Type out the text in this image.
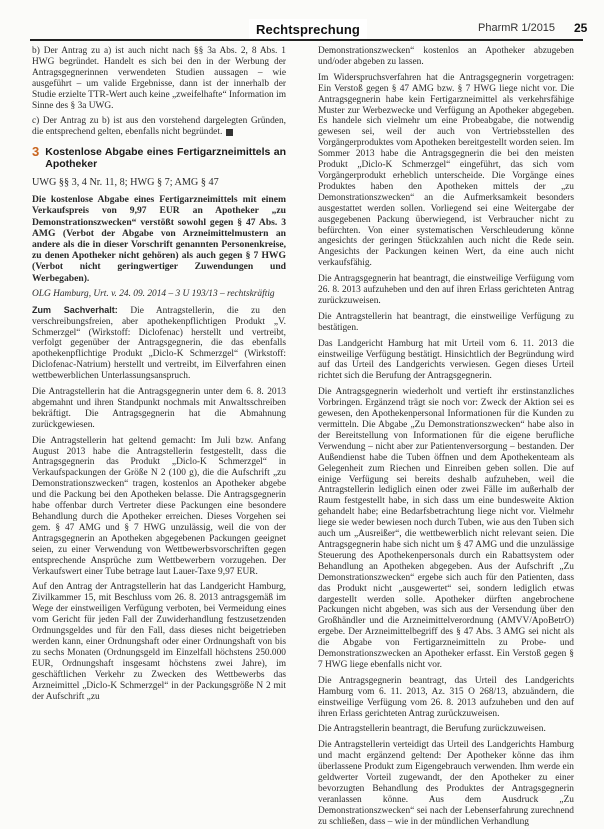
Rechtsprechung	PharmR 1/2015 25

b) Der Antrag zu a) ist auch nicht nach §§ 3a Abs. 2, 8 Abs. 1 HWG begründet. Handelt es sich bei den in der Werbung der Antragsgegnerinnen verwendeten Studien aussagen – wie ausgeführt – um valide Ergebnisse, dann ist der innerhalb der Studie erzielte TTR-Wert auch keine „zweifelhafte“ Information im Sinne des § 3a UWG.

c) Der Antrag zu b) ist aus den vorstehend dargelegten Gründen, die entsprechend gelten, ebenfalls nicht begründet.

3 Kostenlose Abgabe eines Fertigarzneimittels an Apotheker

UWG §§ 3, 4 Nr. 11, 8; HWG § 7; AMG § 47

Die kostenlose Abgabe eines Fertigarzneimittels mit einem Verkaufspreis von 9,97 EUR an Apotheker „zu Demonstrationszwecken“ verstößt sowohl gegen § 47 Abs. 3 AMG (Verbot der Abgabe von Arzneimittelmustern an andere als die in dieser Vorschrift genannten Personenkreise, zu denen Apotheker nicht gehören) als auch gegen § 7 HWG (Verbot nicht geringwertiger Zuwendungen und Werbegaben).

OLG Hamburg, Urt. v. 24. 09. 2014 – 3 U 193/13 – rechtskräftig

Zum Sachverhalt: Die Antragstellerin, die zu den verschreibungsfreien, aber apothekenpflichtigen Produkt „V. Schmerzgel“ (Wirkstoff: Diclofenac) herstellt und vertreibt, verfolgt gegenüber der Antragsgegnerin, die das ebenfalls apothekenpflichtige Produkt „Diclo-K Schmerzgel“ (Wirkstoff: Diclofenac-Natrium) herstellt und vertreibt, im Eilverfahren einen wettbewerblichen Unterlassungsanspruch.

Die Antragstellerin hat die Antragsgegnerin unter dem 6. 8. 2013 abgemahnt und ihren Standpunkt nochmals mit Anwaltsschreiben bekräftigt. Die Antragsgegnerin hat die Abmahnung zurückgewiesen.

Die Antragstellerin hat geltend gemacht: Im Juli bzw. Anfang August 2013 habe die Antragstellerin festgestellt, dass die Antragsgegnerin das Produkt „Diclo-K Schmerzgel“ in Verkaufspackungen der Größe N 2 (100 g), die die Aufschrift „zu Demonstrationszwecken“ tragen, kostenlos an Apotheker abgebe und die Packung bei den Apotheken belasse. Die Antragsgegnerin habe offenbar durch Vertreter diese Packungen eine besondere Behandlung durch die Apotheker erreichen. Dieses Vorgehen sei gem. § 47 AMG und § 7 HWG unzulässig, weil die von der Antragsgegnerin an Apotheken abgegebenen Packungen geeignet seien, zu einer Verwendung von Wettbewerbsvorschriften gegen entsprechende Ansprüche zum Wettbewerbern vorzugehen. Der Verkaufswert einer Tube betrage laut Lauer-Taxe 9,97 EUR.

Auf den Antrag der Antragstellerin hat das Landgericht Hamburg, Zivilkammer 15, mit Beschluss vom 26. 8. 2013 antragsgemäß im Wege der einstweiligen Verfügung verboten, bei Vermeidung eines vom Gericht für jeden Fall der Zuwiderhandlung festzusetzenden Ordnungsgeldes und für den Fall, dass dieses nicht beigetrieben werden kann, einer Ordnungshaft oder einer Ordnungshaft von bis zu sechs Monaten (Ordnungsgeld im Einzelfall höchstens 250.000 EUR, Ordnungshaft insgesamt höchstens zwei Jahre), im geschäftlichen Verkehr zu Zwecken des Wettbewerbs das Arzneimittel „Diclo-K Schmerzgel“ in der Packungsgröße N 2 mit der Aufschrift „zu

Demonstrationszwecken“ kostenlos an Apotheker abzugeben und/oder abgeben zu lassen.

Im Widerspruchsverfahren hat die Antragsgegnerin vorgetragen: Ein Verstoß gegen § 47 AMG bzw. § 7 HWG liege nicht vor. Die Antragsgegnerin habe kein Fertigarzneimittel als verkehrsfähige Muster zur Werbezwecke und Verfügung an Apotheker abgegeben. Es handele sich vielmehr um eine Probeabgabe, die notwendig gewesen sei, weil der auch von Vertriebsstellen des Vorgängerproduktes vom Apotheken bereitgestellt worden seien. Im Sommer 2013 habe die Antragsgegnerin die bei den meisten Produkt „Diclo-K Schmerzgel“ eingeführt, das sich vom Vorgängerprodukt erheblich unterscheide. Die Vorgänge eines Produktes haben den Apotheken mittels der „zu Demonstrationszwecken“ an die Aufmerksamkeit besonders ausgestattet werden sollen. Vorliegend sei eine Weitergabe der ausgegebenen Packung überwiegend, ist Verbraucher nicht zu befürchten. Von einer systematischen Verschleuderung könne angesichts der geringen Stückzahlen auch nicht die Rede sein. Angesichts der Packungen keinen Wert, da eine auch nicht verkaufsfähig.

Die Antragsgegnerin hat beantragt, die einstweilige Verfügung vom 26. 8. 2013 aufzuheben und den auf ihren Erlass gerichteten Antrag zurückzuweisen.

Die Antragstellerin hat beantragt, die einstweilige Verfügung zu bestätigen.

Das Landgericht Hamburg hat mit Urteil vom 6. 11. 2013 die einstweilige Verfügung bestätigt. Hinsichtlich der Begründung wird auf das Urteil des Landgerichts verwiesen. Gegen dieses Urteil richtet sich die Berufung der Antragsgegnerin.

Die Antragsgegnerin wiederholt und vertieft ihr erstinstanzliches Vorbringen. Ergänzend trägt sie noch vor: Zweck der Aktion sei es gewesen, den Apothekenpersonal Informationen für die Kunden zu vermitteln. Die Abgabe „Zu Demonstrationszwecken“ habe also in der Bereitstellung von Informationen für die eigene berufliche Verwendung – nicht aber zur Patientenversorgung – bestanden. Der Außendienst habe die Tuben öffnen und dem Apothekenteam als Gelegenheit zum Riechen und Einreiben geben sollen. Die auf einige Verfügung sei bereits deshalb aufzuheben, weil die Antragstellerin lediglich einen oder zwei Fälle im außerhalb der Raum festgestellt habe, in sich dass um eine bundesweite Aktion gehandelt habe; eine Bedarfsbetrachtung liege nicht vor. Vielmehr liege sie weder bewiesen noch durch Tuben, wie aus den Tuben sich auch um „Ausreißer“, die wettbewerblich nicht relevant seien. Die Antragsgegnerin habe sich nicht um § 47 AMG und die unzulässige Steuerung des Apothekenpersonals durch ein Rabattsystem oder Behandlung an Apotheken abgegeben. Aus der Aufschrift „Zu Demonstrationszwecken“ ergebe sich auch für den Patienten, dass das Produkt nicht „ausgewertet“ sei, sondern lediglich etwas dargestellt werden solle. Apotheker dürften angebrochene Packungen nicht abgeben, was sich aus der Versendung über den Großhändler und die Arzneimittelverordnung (AMVV/ApoBetrO) ergebe. Der Arzneimittelbegriff des § 47 Abs. 3 AMG sei nicht als die Abgabe von Fertigarzneimitteln zu Probe- und Demonstrationszwecken an Apotheker erfasst. Ein Verstoß gegen § 7 HWG liege ebenfalls nicht vor.

Die Antragsgegnerin beantragt, das Urteil des Landgerichts Hamburg vom 6. 11. 2013, Az. 315 O 268/13, abzuändern, die einstweilige Verfügung vom 26. 8. 2013 aufzuheben und den auf ihren Erlass gerichteten Antrag zurückzuweisen.

Die Antragstellerin beantragt, die Berufung zurückzuweisen.

Die Antragstellerin verteidigt das Urteil des Landgerichts Hamburg und macht ergänzend geltend: Der Apotheker könne das ihm überlassene Produkt zum Eigengebrauch verwenden. Ihm werde ein geldwerter Vorteil zugewandt, der den Apotheker zu einer bevorzugten Behandlung des Produktes der Antragsgegnerin veranlassen könne. Aus dem Ausdruck „Zu Demonstrationszwecken“ sei nach der Lebenserfahrung zurechnend zu schließen, dass – wie in der mündlichen Verhandlung
